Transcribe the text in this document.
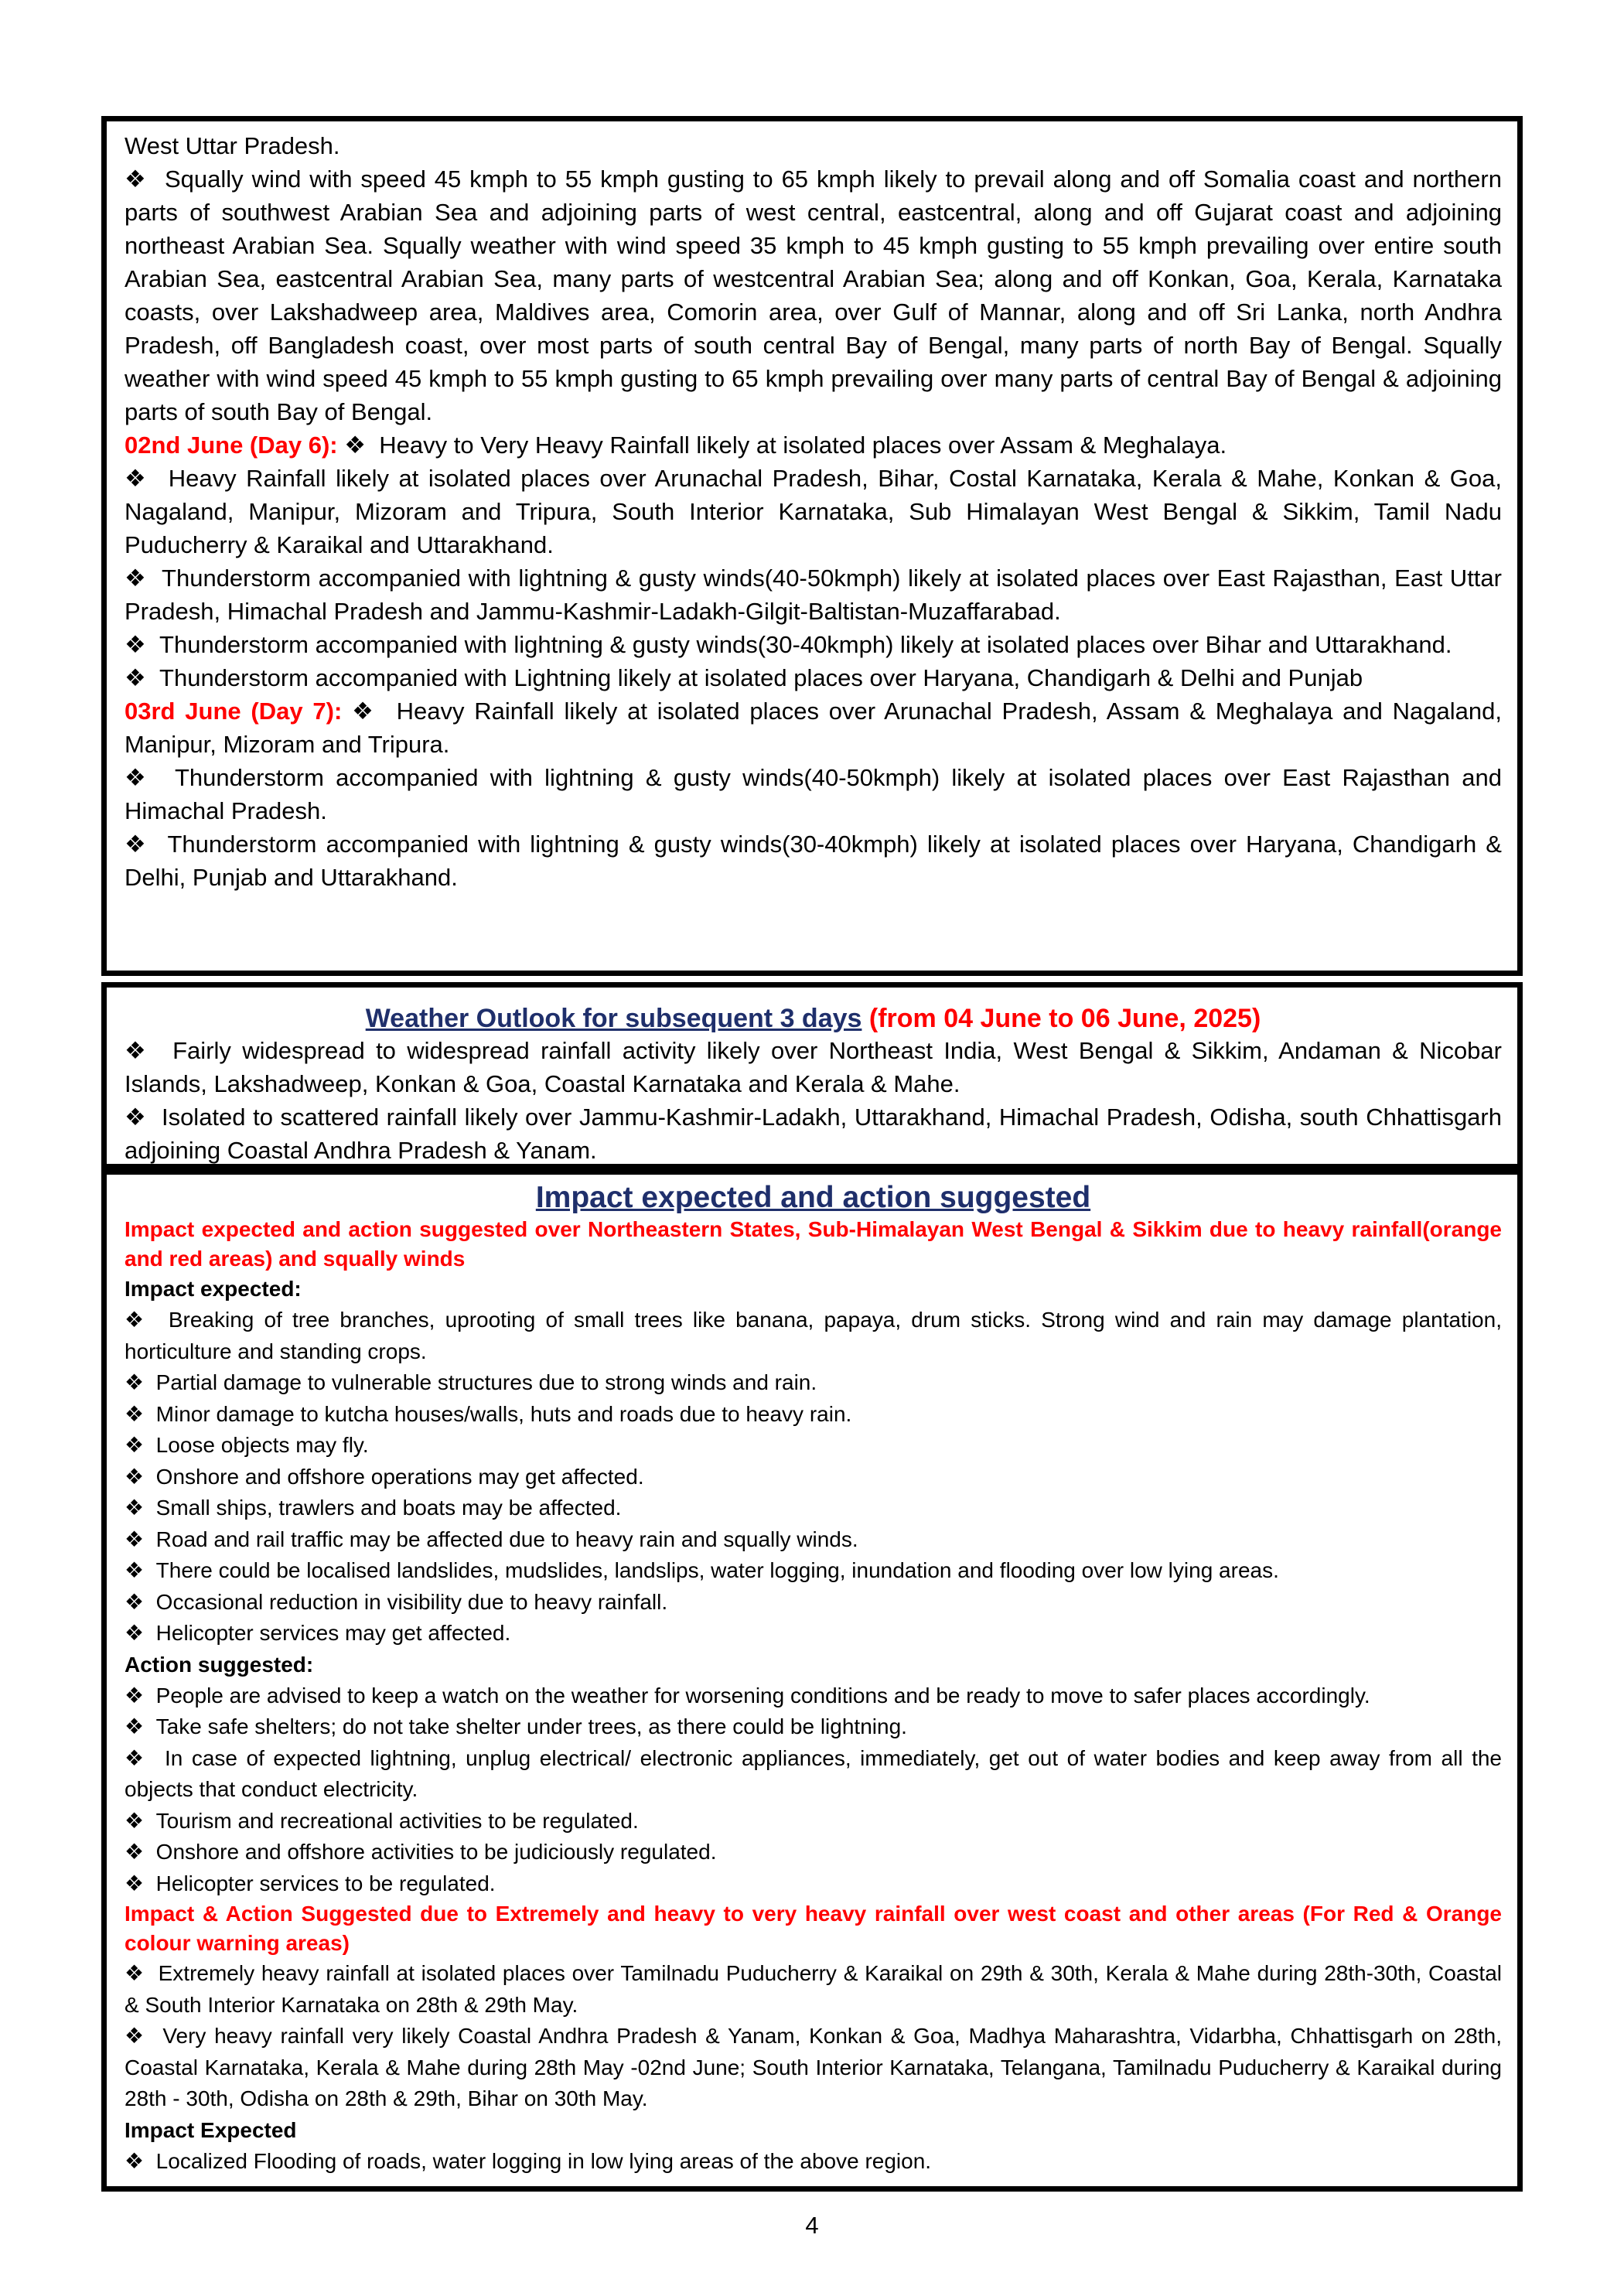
West Uttar Pradesh.

❖  Squally wind with speed 45 kmph to 55 kmph gusting to 65 kmph likely to prevail along and off Somalia coast and northern parts of southwest Arabian Sea and adjoining parts of west central, eastcentral, along and off Gujarat coast and adjoining northeast Arabian Sea. Squally weather with wind speed 35 kmph to 45 kmph gusting to 55 kmph prevailing over entire south Arabian Sea, eastcentral Arabian Sea, many parts of westcentral Arabian Sea; along and off Konkan, Goa, Kerala, Karnataka coasts, over Lakshadweep area, Maldives area, Comorin area, over Gulf of Mannar, along and off Sri Lanka, north Andhra Pradesh, off Bangladesh coast, over most parts of south central Bay of Bengal, many parts of north Bay of Bengal. Squally weather with wind speed 45 kmph to 55 kmph gusting to 65 kmph prevailing over many parts of central Bay of Bengal & adjoining parts of south Bay of Bengal.

02nd June (Day 6): ❖  Heavy to Very Heavy Rainfall likely at isolated places over Assam & Meghalaya.

❖  Heavy Rainfall likely at isolated places over Arunachal Pradesh, Bihar, Costal Karnataka, Kerala & Mahe, Konkan & Goa, Nagaland, Manipur, Mizoram and Tripura, South Interior Karnataka, Sub Himalayan West Bengal & Sikkim, Tamil Nadu Puducherry & Karaikal and Uttarakhand.

❖  Thunderstorm accompanied with lightning & gusty winds(40-50kmph) likely at isolated places over East Rajasthan, East Uttar Pradesh, Himachal Pradesh and Jammu-Kashmir-Ladakh-Gilgit-Baltistan-Muzaffarabad.

❖  Thunderstorm accompanied with lightning & gusty winds(30-40kmph) likely at isolated places over Bihar and Uttarakhand.

❖  Thunderstorm accompanied with Lightning likely at isolated places over Haryana, Chandigarh & Delhi and Punjab

03rd June (Day 7): ❖  Heavy Rainfall likely at isolated places over Arunachal Pradesh, Assam & Meghalaya and Nagaland, Manipur, Mizoram and Tripura.

❖  Thunderstorm accompanied with lightning & gusty winds(40-50kmph) likely at isolated places over East Rajasthan and Himachal Pradesh.

❖  Thunderstorm accompanied with lightning & gusty winds(30-40kmph) likely at isolated places over Haryana, Chandigarh & Delhi, Punjab and Uttarakhand.

Weather Outlook for subsequent 3 days (from 04 June to 06 June, 2025)

❖  Fairly widespread to widespread rainfall activity likely over Northeast India, West Bengal & Sikkim, Andaman & Nicobar Islands, Lakshadweep, Konkan & Goa, Coastal Karnataka and Kerala & Mahe.

❖  Isolated to scattered rainfall likely over Jammu-Kashmir-Ladakh, Uttarakhand, Himachal Pradesh, Odisha, south Chhattisgarh adjoining Coastal Andhra Pradesh & Yanam.

Impact expected and action suggested

Impact expected and action suggested over Northeastern States, Sub-Himalayan West Bengal & Sikkim due to heavy rainfall(orange and red areas) and squally winds

Impact expected:

❖  Breaking of tree branches, uprooting of small trees like banana, papaya, drum sticks. Strong wind and rain may damage plantation, horticulture and standing crops.

❖  Partial damage to vulnerable structures due to strong winds and rain.

❖  Minor damage to kutcha houses/walls, huts and roads due to heavy rain.

❖  Loose objects may fly.

❖  Onshore and offshore operations may get affected.

❖  Small ships, trawlers and boats may be affected.

❖  Road and rail traffic may be affected due to heavy rain and squally winds.

❖  There could be localised landslides, mudslides, landslips, water logging, inundation and flooding over low lying areas.

❖  Occasional reduction in visibility due to heavy rainfall.

❖  Helicopter services may get affected.

Action suggested:

❖  People are advised to keep a watch on the weather for worsening conditions and be ready to move to safer places accordingly.

❖  Take safe shelters; do not take shelter under trees, as there could be lightning.

❖  In case of expected lightning, unplug electrical/ electronic appliances, immediately, get out of water bodies and keep away from all the objects that conduct electricity.

❖  Tourism and recreational activities to be regulated.

❖  Onshore and offshore activities to be judiciously regulated.

❖  Helicopter services to be regulated.

Impact & Action Suggested due to Extremely and heavy to very heavy rainfall over west coast and other areas (For Red & Orange colour warning areas)

❖  Extremely heavy rainfall at isolated places over Tamilnadu Puducherry & Karaikal on 29th & 30th, Kerala & Mahe during 28th-30th, Coastal & South Interior Karnataka on 28th & 29th May.

❖  Very heavy rainfall very likely Coastal Andhra Pradesh & Yanam, Konkan & Goa, Madhya Maharashtra, Vidarbha, Chhattisgarh on 28th, Coastal Karnataka, Kerala & Mahe during 28th May -02nd June; South Interior Karnataka, Telangana, Tamilnadu Puducherry & Karaikal during 28th - 30th, Odisha on 28th & 29th, Bihar on 30th May.

Impact Expected

❖  Localized Flooding of roads, water logging in low lying areas of the above region.

4
